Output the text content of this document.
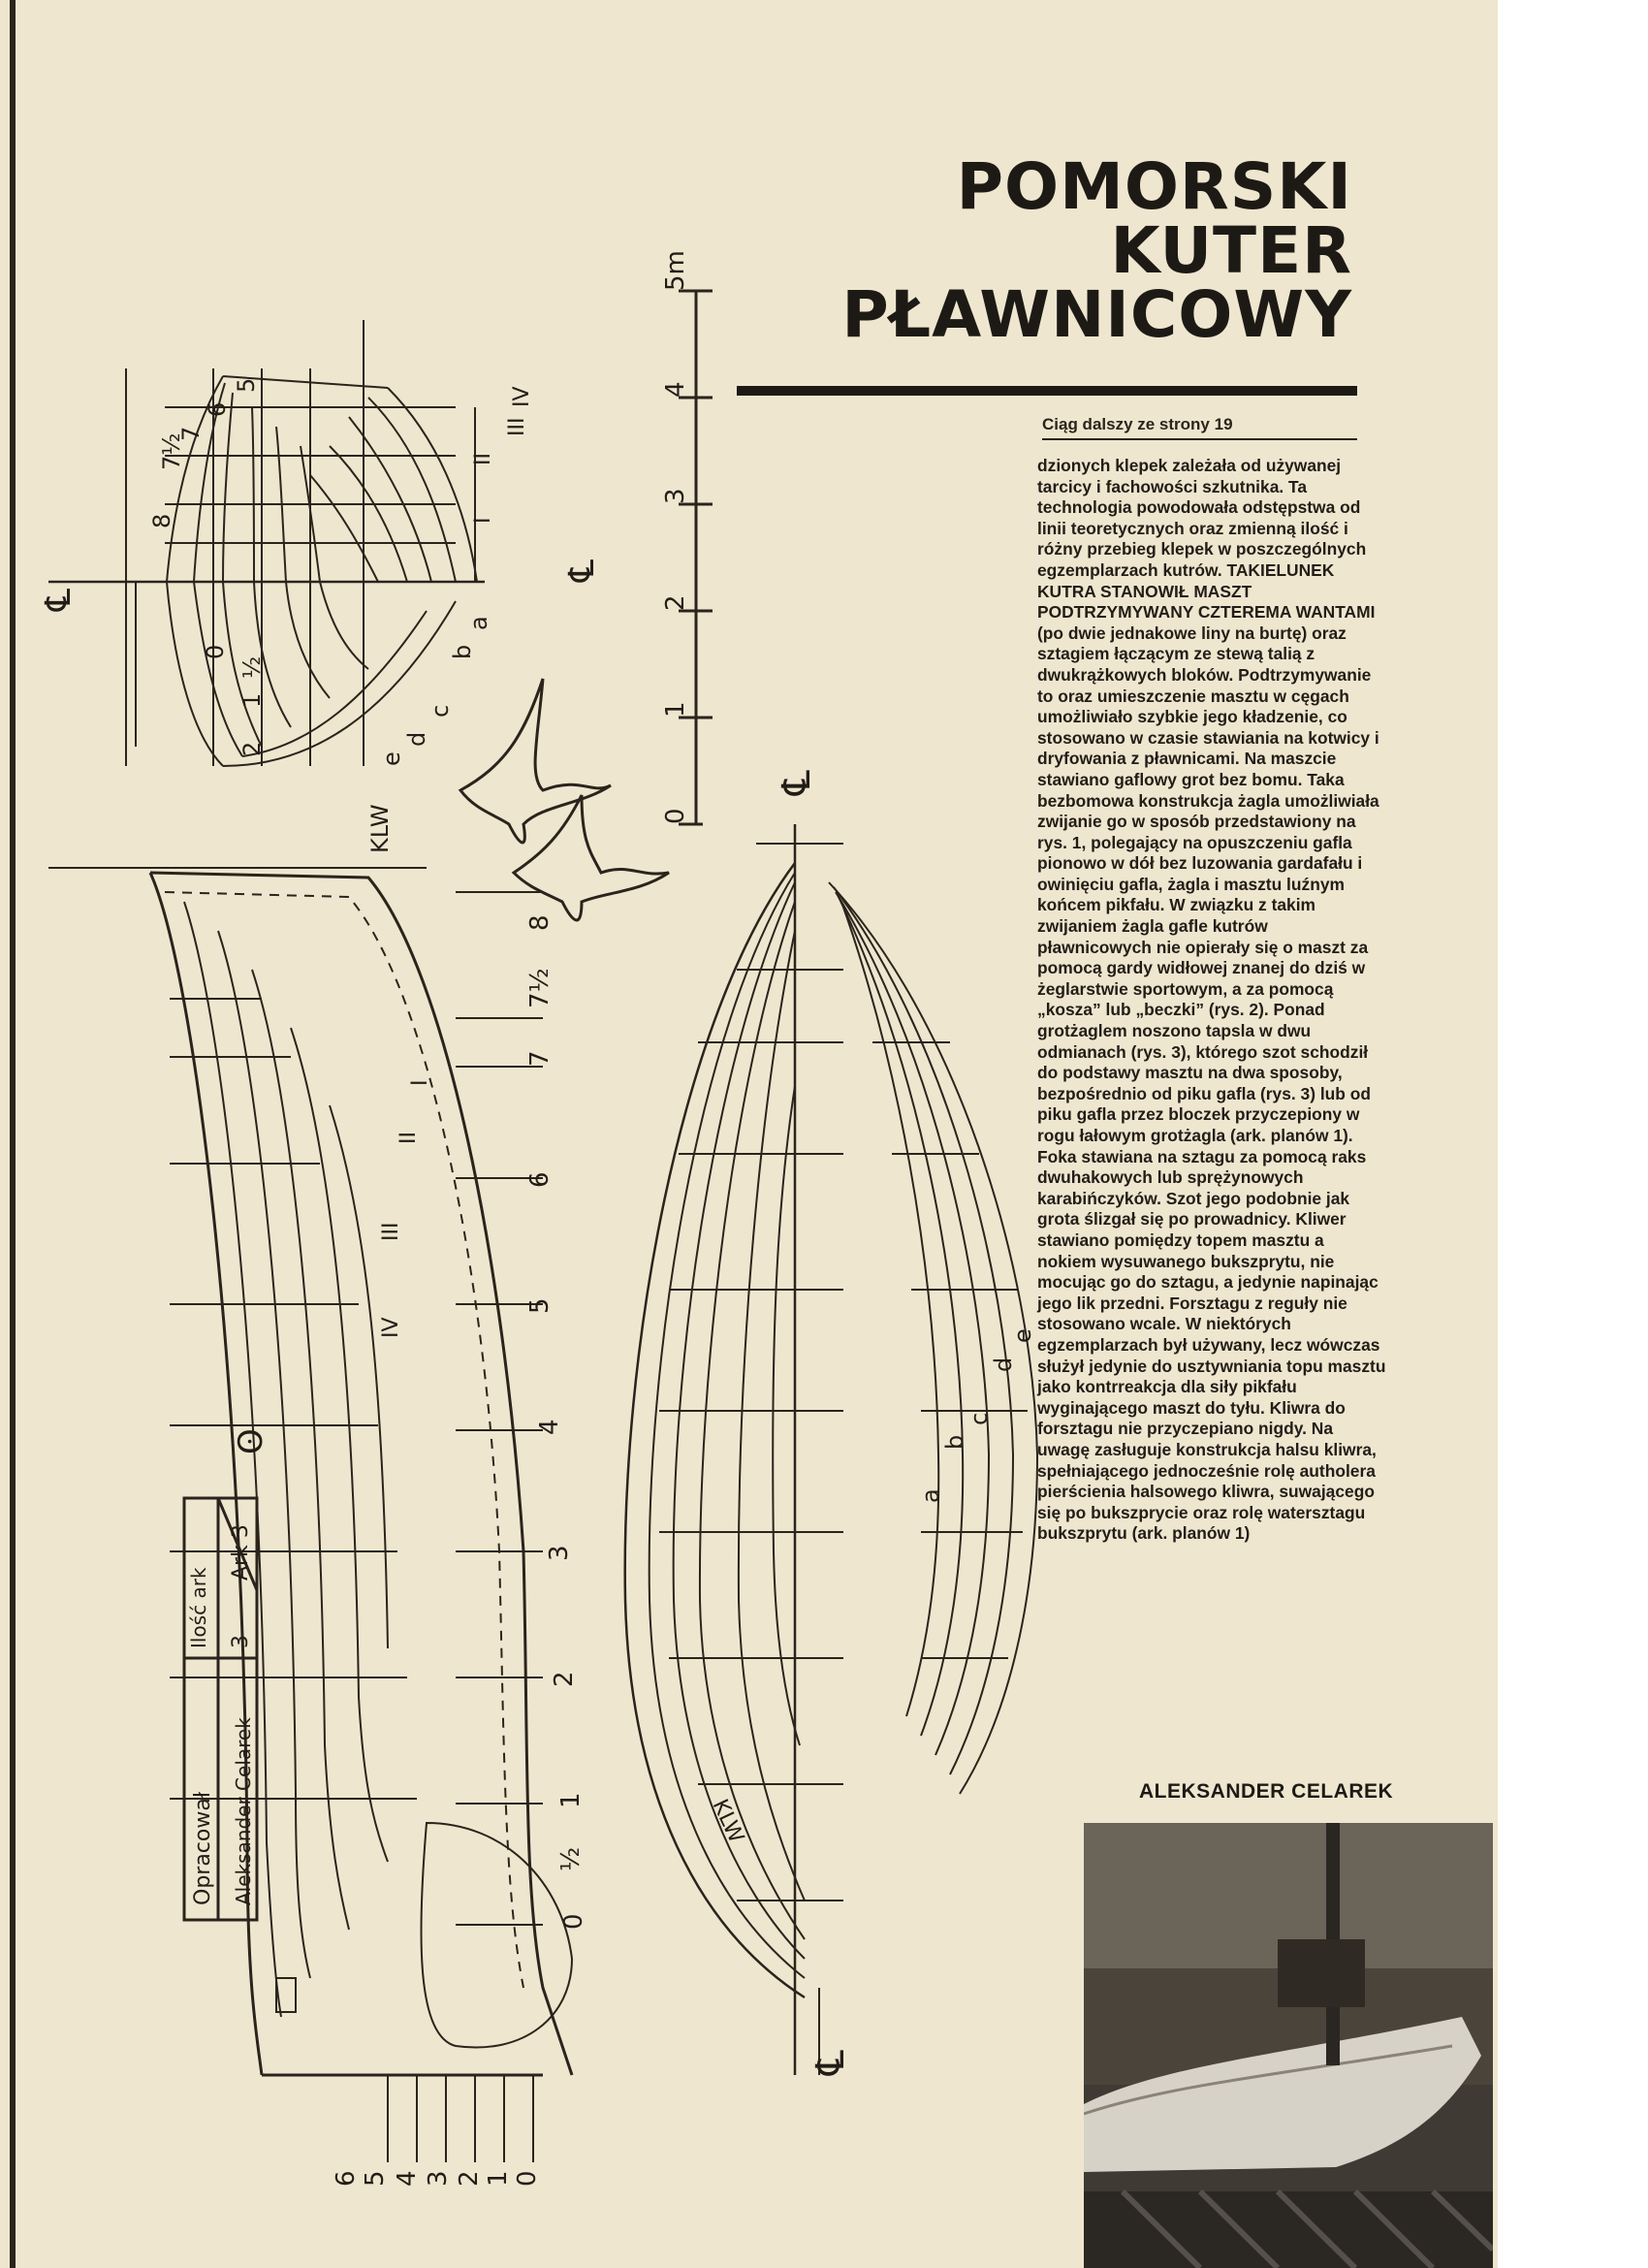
0
1
2
3
4
5m
2
1
½
0
8
7½
7
6
5
I
II
III
IV
a
b
c
d
e
℄
℄
KLW
8
7½
7
6
5
4
3
2
1
½
0
I
II
III
IV
ʘ
6 5 4 3 2 1 0
℄
℄
KLW
a
b
c
d
e
Opracował Aleksander Celarek
Ilość ark 3
Ark 3
POMORSKI
KUTER
PŁAWNICOWY
Ciąg dalszy ze strony 19

dzionych klepek zależała od używanej tarcicy i fachowości szkutnika. Ta technologia powodowała odstępstwa od linii teoretycznych oraz zmienną ilość i różny przebieg klepek w poszczególnych egzemplarzach kutrów. TAKIELUNEK KUTRA STANOWIŁ MASZT PODTRZYMYWANY CZTEREMA WANTAMI (po dwie jednakowe liny na burtę) oraz sztagiem łączącym ze stewą talią z dwukrążkowych bloków. Podtrzymywanie to oraz umieszczenie masztu w cęgach umożliwiało szybkie jego kładzenie, co stosowano w czasie stawiania na kotwicy i dryfowania z pławnicami. Na maszcie stawiano gaflowy grot bez bomu. Taka bezbomowa konstrukcja żagla umożliwiała zwijanie go w sposób przedstawiony na rys. 1, polegający na opuszczeniu gafla pionowo w dół bez luzowania gardafału i owinięciu gafla, żagla i masztu luźnym końcem pikfału. W związku z takim zwijaniem żagla gafle kutrów pławnicowych nie opierały się o maszt za pomocą gardy widłowej znanej do dziś w żeglarstwie sportowym, a za pomocą „kosza” lub „beczki” (rys. 2). Ponad grotżaglem noszono tapsla w dwu odmianach (rys. 3), którego szot schodził do podstawy masztu na dwa sposoby, bezpośrednio od piku gafla (rys. 3) lub od piku gafla przez bloczek przyczepiony w rogu łałowym grotżagla (ark. planów 1). Foka stawiana na sztagu za pomocą raks dwuhakowych lub sprężynowych karabińczyków. Szot jego podobnie jak grota ślizgał się po prowadnicy. Kliwer stawiano pomiędzy topem masztu a nokiem wysuwanego bukszprytu, nie mocując go do sztagu, a jedynie napinając jego lik przedni. Forsztagu z reguły nie stosowano wcale. W niektórych egzemplarzach był używany, lecz wówczas służył jedynie do usztywniania topu masztu jako kontrreakcja dla siły pikfału wyginającego maszt do tyłu. Kliwra do forsztagu nie przyczepiano nigdy. Na uwagę zasługuje konstrukcja halsu kliwra, spełniającego jednocześnie rolę autholera pierścienia halsowego kliwra, suwającego się po bukszprycie oraz rolę watersztagu bukszprytu (ark. planów 1)

ALEKSANDER CELAREK
